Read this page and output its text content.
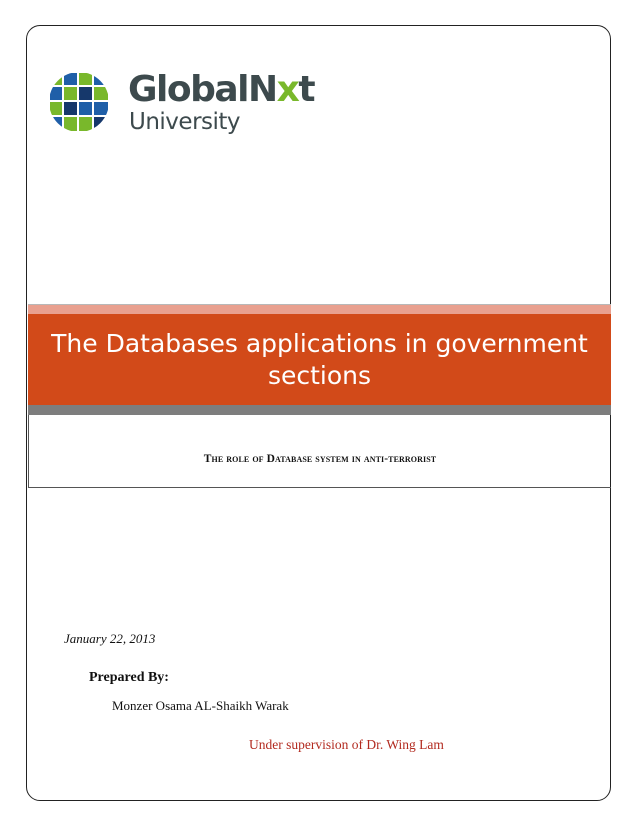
GlobalNxt
University
The Databases applications in government sections
The role of Database system in anti-terrorist
January 22, 2013
Prepared By:
Monzer Osama AL-Shaikh Warak
Under supervision of Dr. Wing Lam
